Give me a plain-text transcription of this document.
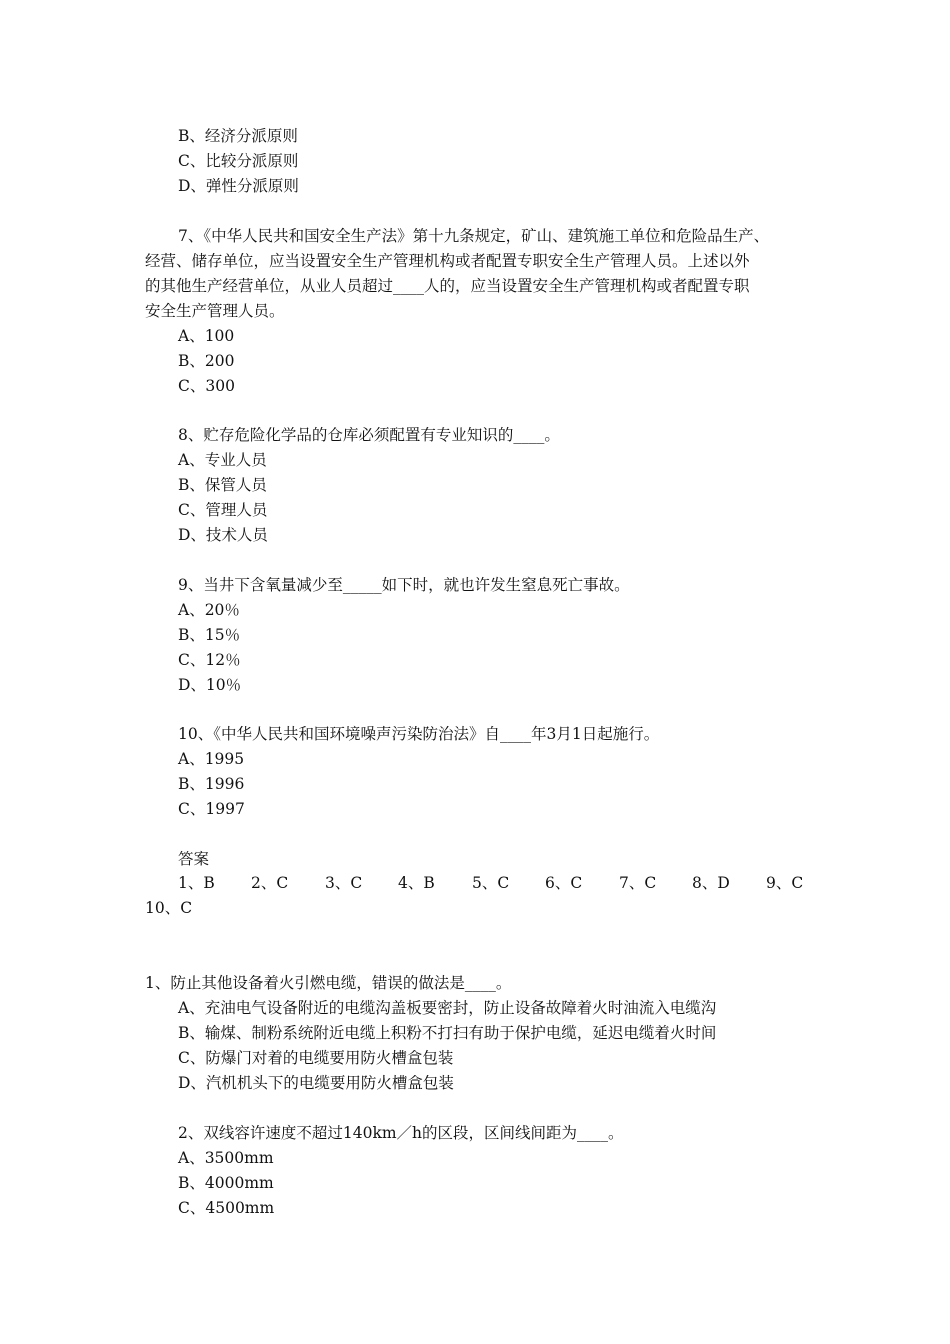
B、经济分派原则
C、比较分派原则
D、弹性分派原则
7、《中华人民共和国安全生产法》第十九条规定，矿山、建筑施工单位和危险品生产、
经营、储存单位，应当设置安全生产管理机构或者配置专职安全生产管理人员。上述以外
的其他生产经营单位，从业人员超过____人的，应当设置安全生产管理机构或者配置专职
安全生产管理人员。
A、100
B、200
C、300
8、贮存危险化学品的仓库必须配置有专业知识的____。
A、专业人员
B、保管人员
C、管理人员
D、技术人员
9、当井下含氧量减少至_____如下时，就也许发生窒息死亡事故。
A、20％
B、15％
C、12％
D、10％
10、《中华人民共和国环境噪声污染防治法》自____年3月1日起施行。
A、1995
B、1996
C、1997
答案
1、B 2、C 3、C 4、B 5、C 6、C 7、C 8、D 9、C
10、C
1、防止其他设备着火引燃电缆，错误的做法是____。
A、充油电气设备附近的电缆沟盖板要密封，防止设备故障着火时油流入电缆沟
B、输煤、制粉系统附近电缆上积粉不打扫有助于保护电缆，延迟电缆着火时间
C、防爆门对着的电缆要用防火槽盒包装
D、汽机机头下的电缆要用防火槽盒包装
2、双线容许速度不超过140km／h的区段，区间线间距为____。
A、3500mm
B、4000mm
C、4500mm
